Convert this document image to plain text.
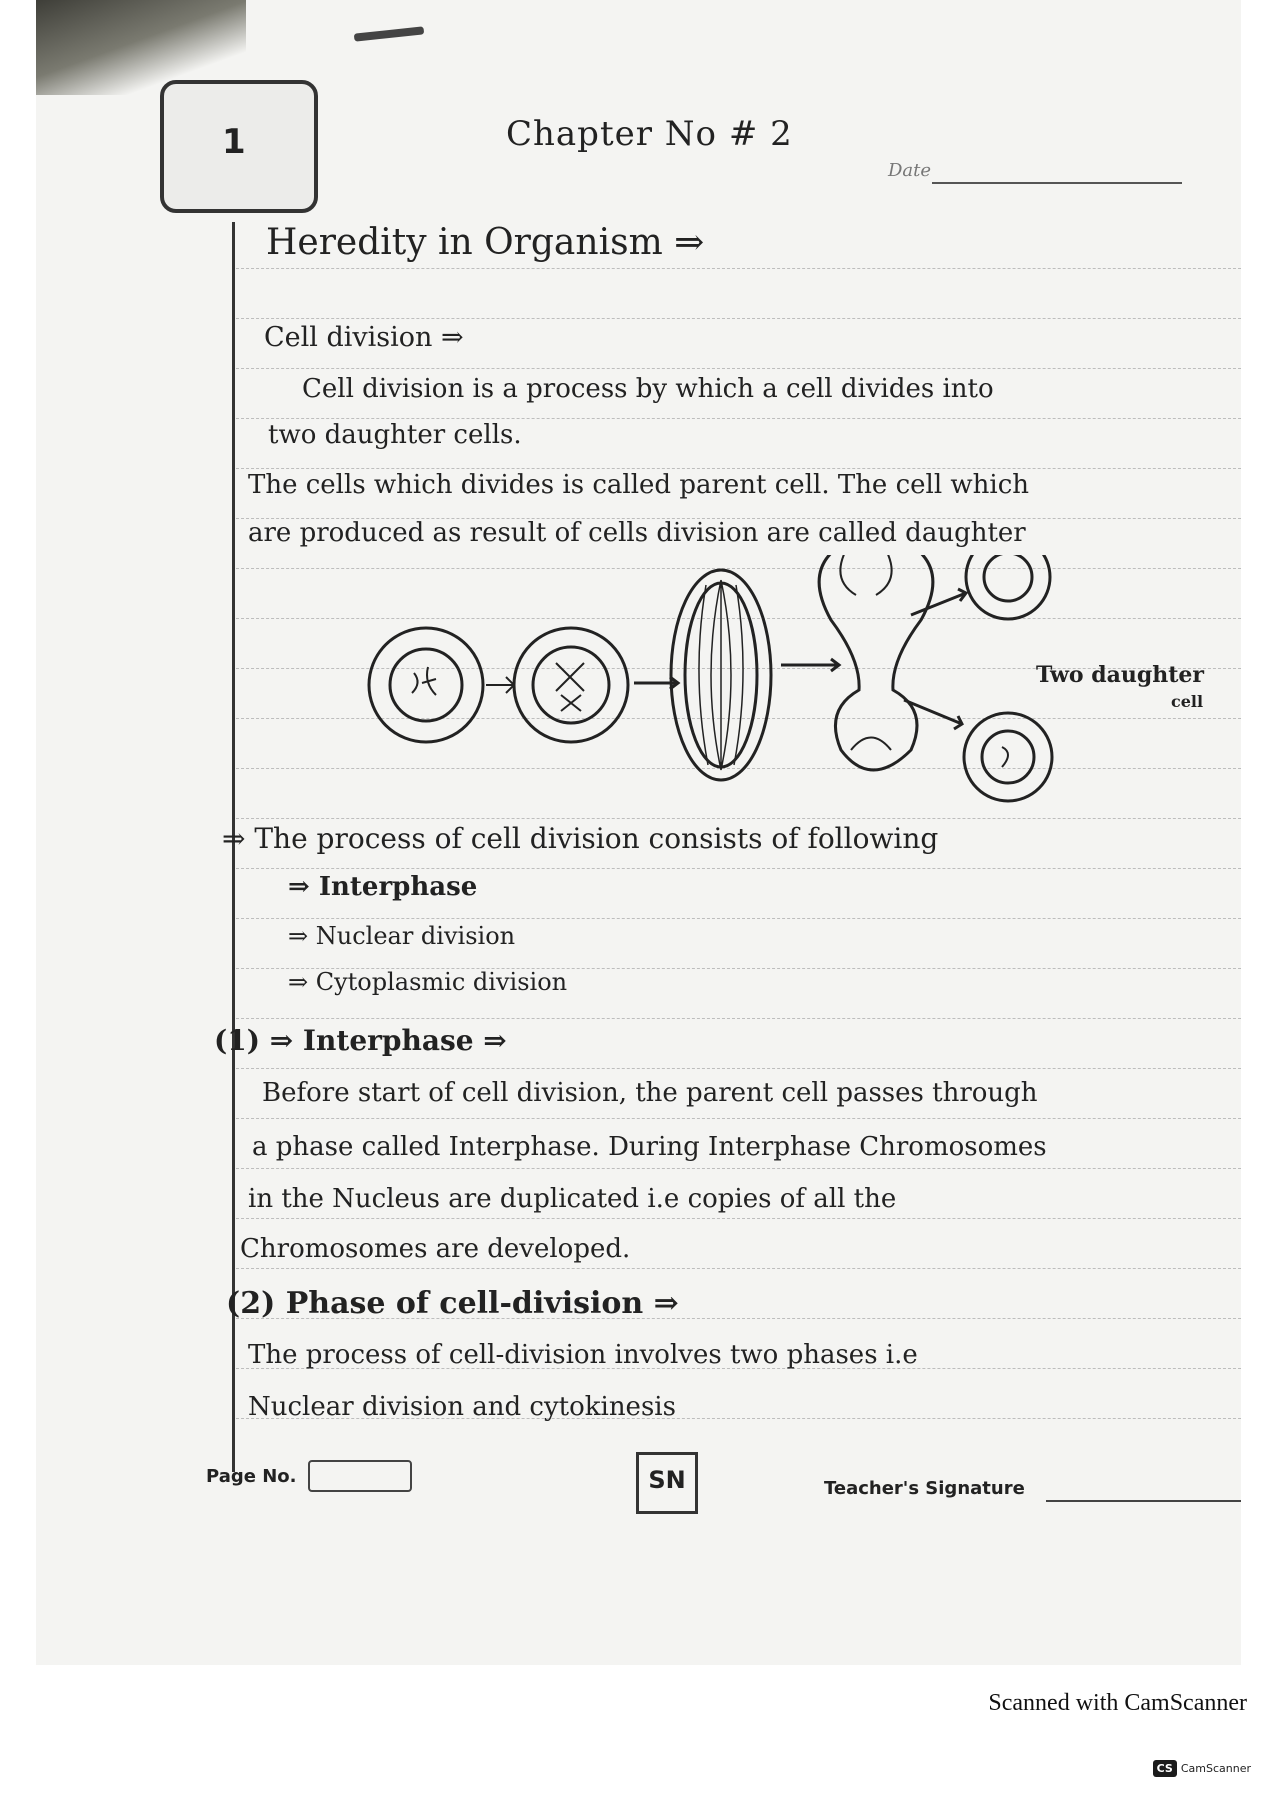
1	Chapter No # 2
Date
Heredity in Organism ⇒
Cell division ⇒
Cell division is a process by which a cell divides into
two daughter cells.
The cells which divides is called parent cell. The cell which
are produced as result of cells division are called daughter
Two daughter
cell
⇒ The process of cell division consists of following
⇒ Interphase
⇒ Nuclear division
⇒ Cytoplasmic division
(1) ⇒ Interphase ⇒
Before start of cell division, the parent cell passes through
a phase called Interphase. During Interphase Chromosomes
in the Nucleus are duplicated i.e copies of all the
Chromosomes are developed.
(2) Phase of cell-division ⇒
The process of cell-division involves two phases i.e
Nuclear division and cytokinesis
Page No.	SN	Teacher's Signature
Scanned with CamScanner
CS CamScanner
